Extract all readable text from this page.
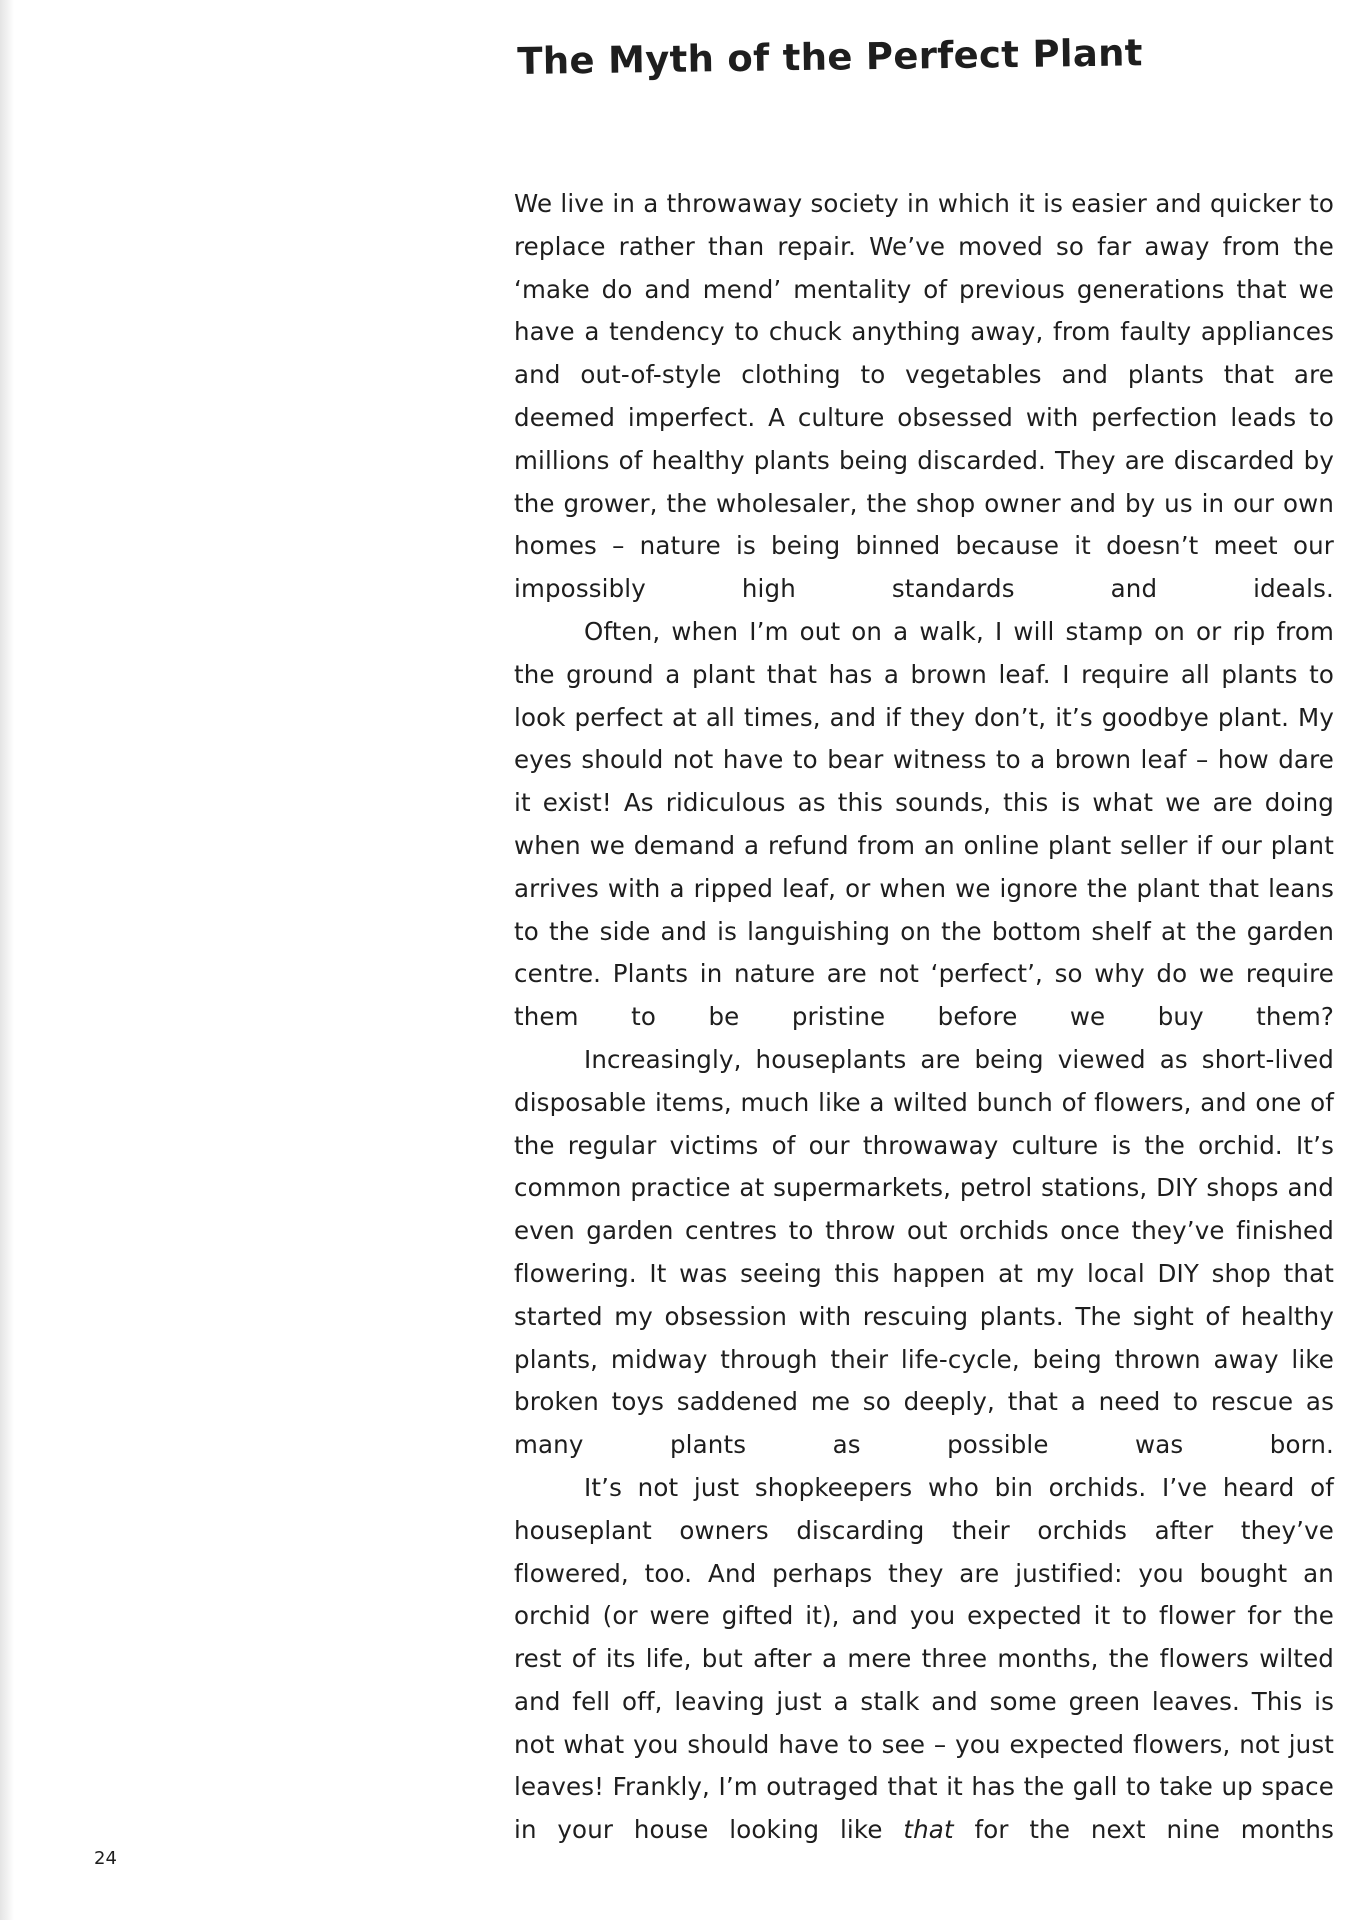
The Myth of the Perfect Plant

We live in a throwaway society in which it is easier and quicker to replace rather than repair. We’ve moved so far away from the ‘make do and mend’ mentality of previous generations that we have a tendency to chuck anything away, from faulty appliances and out-of-style clothing to vegetables and plants that are deemed imperfect. A culture obsessed with perfection leads to millions of healthy plants being discarded. They are discarded by the grower, the wholesaler, the shop owner and by us in our own homes – nature is being binned because it doesn’t meet our impossibly high standards and ideals.

Often, when I’m out on a walk, I will stamp on or rip from the ground a plant that has a brown leaf. I require all plants to look perfect at all times, and if they don’t, it’s goodbye plant. My eyes should not have to bear witness to a brown leaf – how dare it exist! As ridiculous as this sounds, this is what we are doing when we demand a refund from an online plant seller if our plant arrives with a ripped leaf, or when we ignore the plant that leans to the side and is languishing on the bottom shelf at the garden centre. Plants in nature are not ‘perfect’, so why do we require them to be pristine before we buy them?

Increasingly, houseplants are being viewed as short-lived disposable items, much like a wilted bunch of flowers, and one of the regular victims of our throwaway culture is the orchid. It’s common practice at supermarkets, petrol stations, DIY shops and even garden centres to throw out orchids once they’ve finished flowering. It was seeing this happen at my local DIY shop that started my obsession with rescuing plants. The sight of healthy plants, midway through their life-cycle, being thrown away like broken toys saddened me so deeply, that a need to rescue as many plants as possible was born.

It’s not just shopkeepers who bin orchids. I’ve heard of houseplant owners discarding their orchids after they’ve flowered, too. And perhaps they are justified: you bought an orchid (or were gifted it), and you expected it to flower for the rest of its life, but after a mere three months, the flowers wilted and fell off, leaving just a stalk and some green leaves. This is not what you should have to see – you expected flowers, not just leaves! Frankly, I’m outraged that it has the gall to take up space in your house looking like that for the next nine months

24
